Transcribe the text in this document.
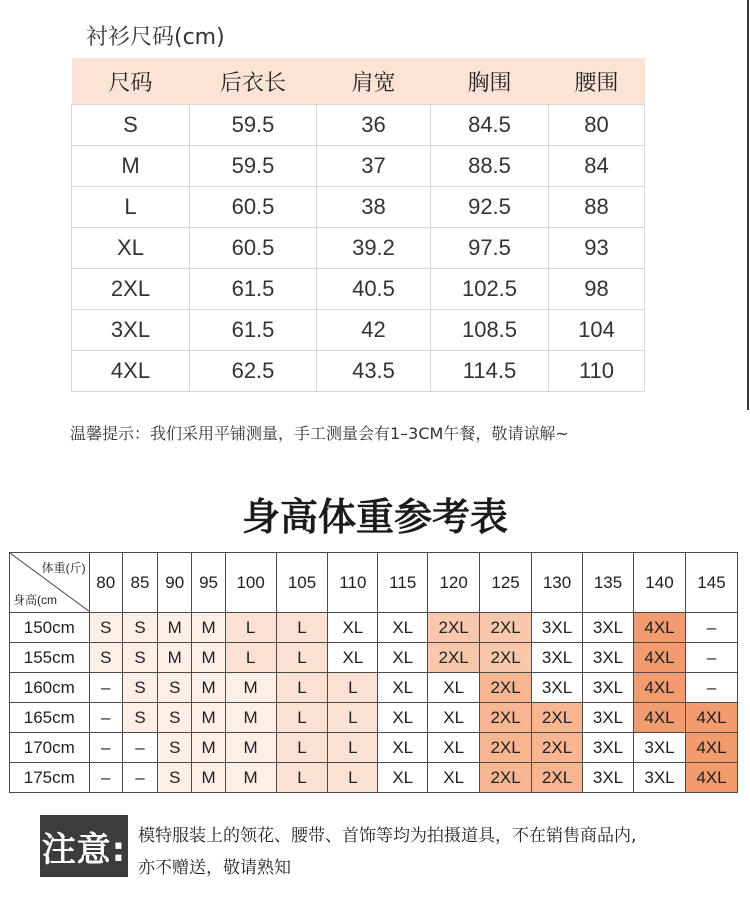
衬衫尺码(cm)
尺码	后衣长	肩宽	胸围	腰围
S	59.5	36	84.5	80
M	59.5	37	88.5	84
L	60.5	38	92.5	88
XL	60.5	39.2	97.5	93
2XL	61.5	40.5	102.5	98
3XL	61.5	42	108.5	104
4XL	62.5	43.5	114.5	110
温馨提示：我们采用平铺测量，手工测量会有1–3CM午餐，敬请谅解~
身高体重参考表
体重(斤)
身高(cm	80	85	90	95	100	105	110	115	120	125	130	135	140	145
150cm	S	S	M	M	L	L	XL	XL	2XL	2XL	3XL	3XL	4XL	–
155cm	S	S	M	M	L	L	XL	XL	2XL	2XL	3XL	3XL	4XL	–
160cm	–	S	S	M	M	L	L	XL	XL	2XL	3XL	3XL	4XL	–
165cm	–	S	S	M	M	L	L	XL	XL	2XL	2XL	3XL	4XL	4XL
170cm	–	–	S	M	M	L	L	XL	XL	2XL	2XL	3XL	3XL	4XL
175cm	–	–	S	M	M	L	L	XL	XL	2XL	2XL	3XL	3XL	4XL
注意: 模特服装上的领花、腰带、首饰等均为拍摄道具，不在销售商品内,
亦不赠送，敬请熟知
